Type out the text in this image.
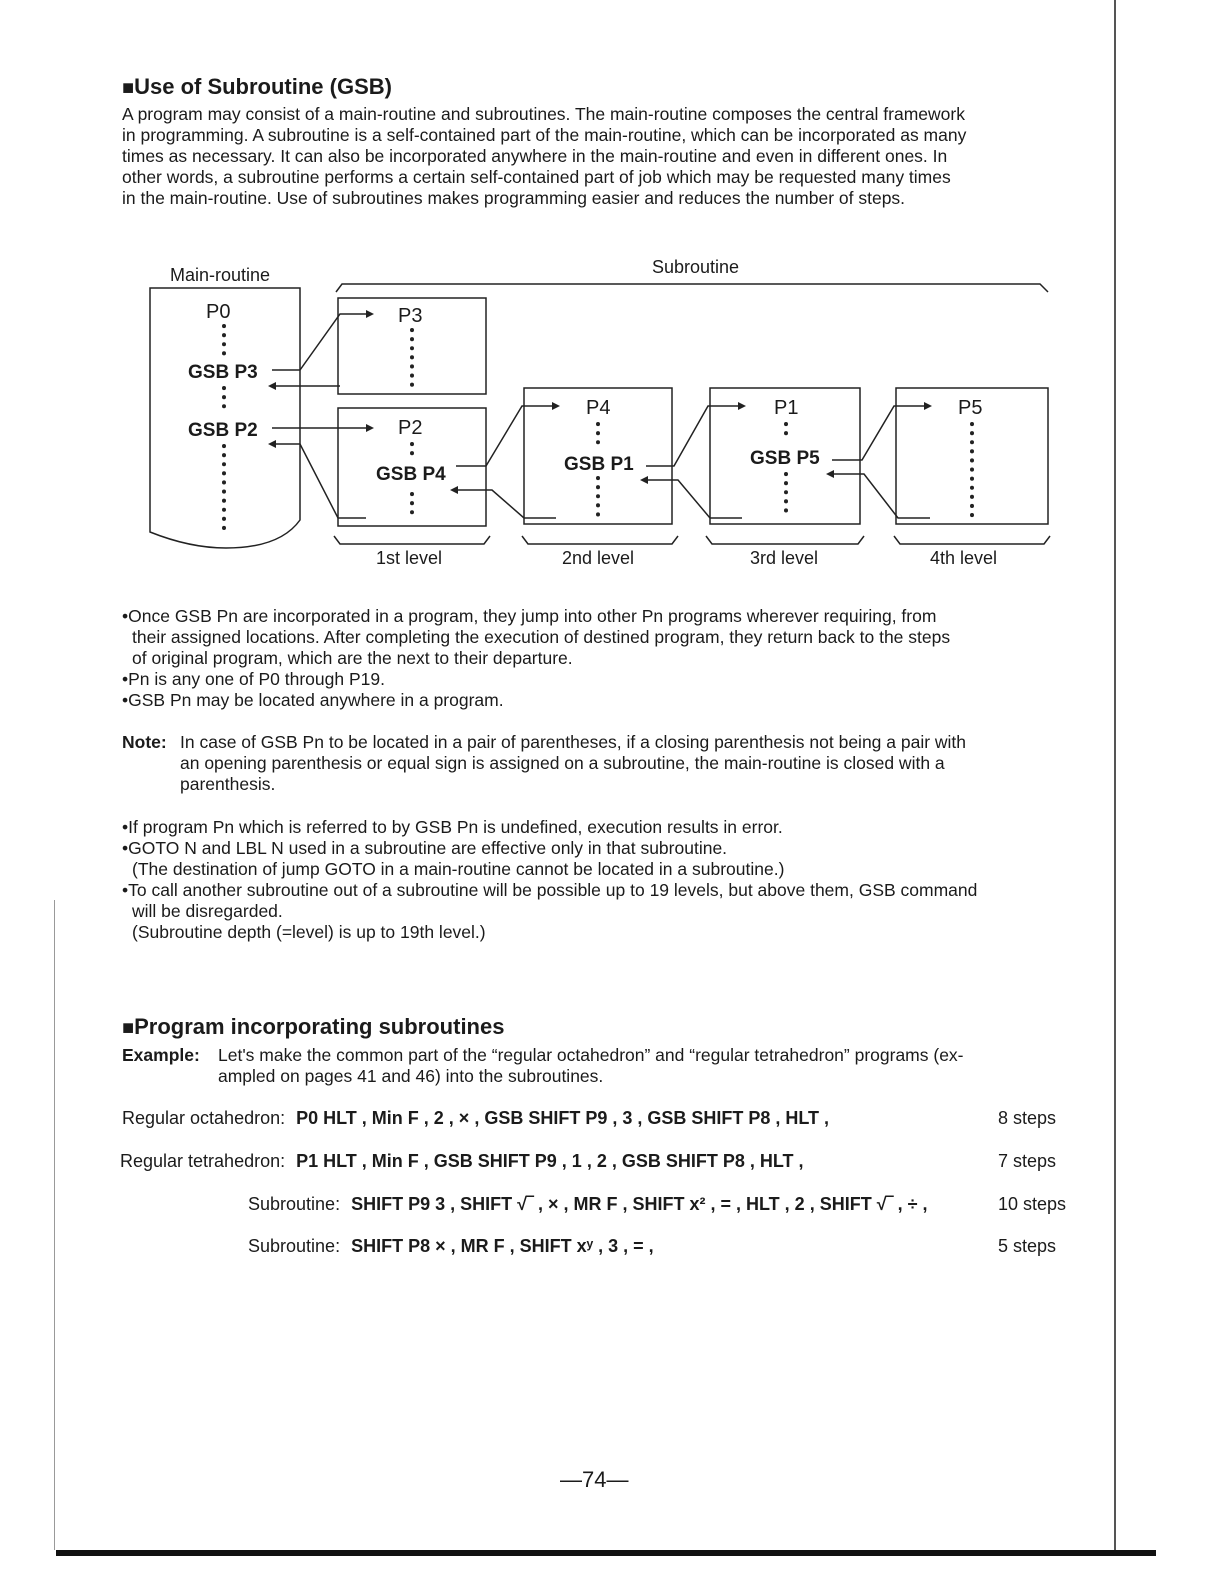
■Use of Subroutine (GSB)
A program may consist of a main-routine and subroutines. The main-routine composes the central framework
in programming. A subroutine is a self-contained part of the main-routine, which can be incorporated as many
times as necessary. It can also be incorporated anywhere in the main-routine and even in different ones. In
other words, a subroutine performs a certain self-contained part of job which may be requested many times
in the main-routine. Use of subroutines makes programming easier and reduces the number of steps.
Main-routine	Subroutine
P0
GSB P3
GSB P2
P3
P2
GSB P4
P4
GSB P1
P1
GSB P5
P5
1st level	2nd level	3rd level	4th level
•Once GSB Pn are incorporated in a program, they jump into other Pn programs wherever requiring, from
their assigned locations. After completing the execution of destined program, they return back to the steps
of original program, which are the next to their departure.
•Pn is any one of P0 through P19.
•GSB Pn may be located anywhere in a program.
Note: In case of GSB Pn to be located in a pair of parentheses, if a closing parenthesis not being a pair with
an opening parenthesis or equal sign is assigned on a subroutine, the main-routine is closed with a
parenthesis.
•If program Pn which is referred to by GSB Pn is undefined, execution results in error.
•GOTO N and LBL N used in a subroutine are effective only in that subroutine.
(The destination of jump GOTO in a main-routine cannot be located in a subroutine.)
•To call another subroutine out of a subroutine will be possible up to 19 levels, but above them, GSB command
will be disregarded.
(Subroutine depth (=level) is up to 19th level.)
■Program incorporating subroutines
Example:	Let's make the common part of the “regular octahedron” and “regular tetrahedron” programs (ex-
ampled on pages 41 and 46) into the subroutines.
Regular octahedron: P0 HLT , Min F , 2 , × , GSB SHIFT P9 , 3 , GSB SHIFT P8 , HLT ,	8 steps
Regular tetrahedron: P1 HLT , Min F , GSB SHIFT P9 , 1 , 2 , GSB SHIFT P8 , HLT ,	7 steps
Subroutine: SHIFT P9 3 , SHIFT √‾ , × , MR F , SHIFT x² , = , HLT , 2 , SHIFT √‾ , ÷ ,	10 steps
Subroutine: SHIFT P8 × , MR F , SHIFT xʸ , 3 , = ,	5 steps
—74—
